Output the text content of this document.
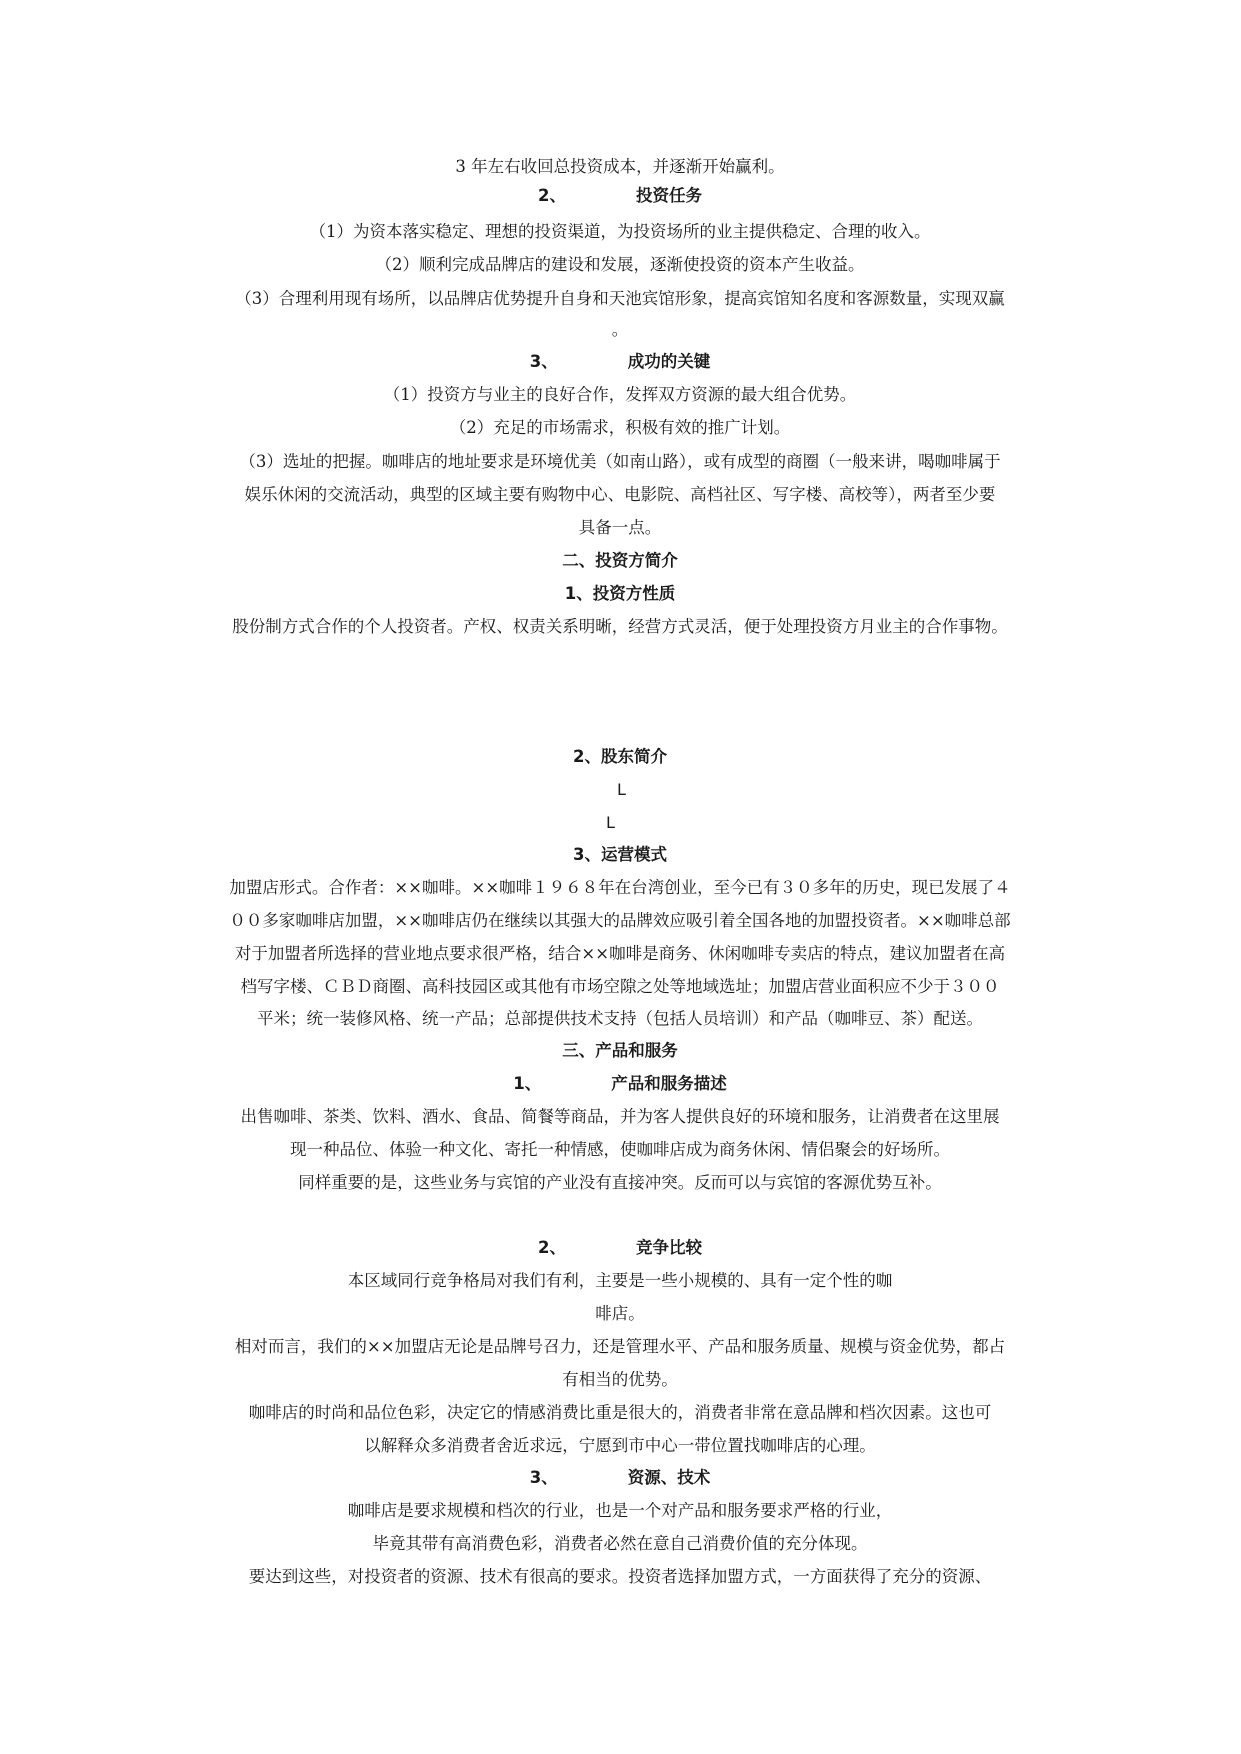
3 年左右收回总投资成本，并逐渐开始赢利。
2、	投资任务
（1）为资本落实稳定、理想的投资渠道，为投资场所的业主提供稳定、合理的收入。
（2）顺利完成品牌店的建设和发展，逐渐使投资的资本产生收益。
（3）合理利用现有场所，以品牌店优势提升自身和天池宾馆形象，提高宾馆知名度和客源数量，实现双赢
。
3、	成功的关键
（1）投资方与业主的良好合作，发挥双方资源的最大组合优势。
（2）充足的市场需求，积极有效的推广计划。
（3）选址的把握。咖啡店的地址要求是环境优美（如南山路），或有成型的商圈（一般来讲，喝咖啡属于
娱乐休闲的交流活动，典型的区域主要有购物中心、电影院、高档社区、写字楼、高校等），两者至少要
具备一点。
二、投资方简介
1、投资方性质
股份制方式合作的个人投资者。产权、权责关系明晰，经营方式灵活，便于处理投资方月业主的合作事物。
2、股东简介
L
L
3、运营模式
加盟店形式。合作者：××咖啡。××咖啡１９６８年在台湾创业，至今已有３０多年的历史，现已发展了４
００多家咖啡店加盟，××咖啡店仍在继续以其强大的品牌效应吸引着全国各地的加盟投资者。××咖啡总部
对于加盟者所选择的营业地点要求很严格，结合××咖啡是商务、休闲咖啡专卖店的特点，建议加盟者在高
档写字楼、ＣＢＤ商圈、高科技园区或其他有市场空隙之处等地域选址；加盟店营业面积应不少于３００
平米；统一装修风格、统一产品；总部提供技术支持（包括人员培训）和产品（咖啡豆、茶）配送。
三、产品和服务
1、	产品和服务描述
出售咖啡、茶类、饮料、酒水、食品、简餐等商品，并为客人提供良好的环境和服务，让消费者在这里展
现一种品位、体验一种文化、寄托一种情感，使咖啡店成为商务休闲、情侣聚会的好场所。
同样重要的是，这些业务与宾馆的产业没有直接冲突。反而可以与宾馆的客源优势互补。
2、	竞争比较
本区域同行竞争格局对我们有利，主要是一些小规模的、具有一定个性的咖
啡店。
相对而言，我们的××加盟店无论是品牌号召力，还是管理水平、产品和服务质量、规模与资金优势，都占
有相当的优势。
咖啡店的时尚和品位色彩，决定它的情感消费比重是很大的，消费者非常在意品牌和档次因素。这也可
以解释众多消费者舍近求远，宁愿到市中心一带位置找咖啡店的心理。
3、	资源、技术
咖啡店是要求规模和档次的行业，也是一个对产品和服务要求严格的行业，
毕竟其带有高消费色彩，消费者必然在意自己消费价值的充分体现。
要达到这些，对投资者的资源、技术有很高的要求。投资者选择加盟方式，一方面获得了充分的资源、
